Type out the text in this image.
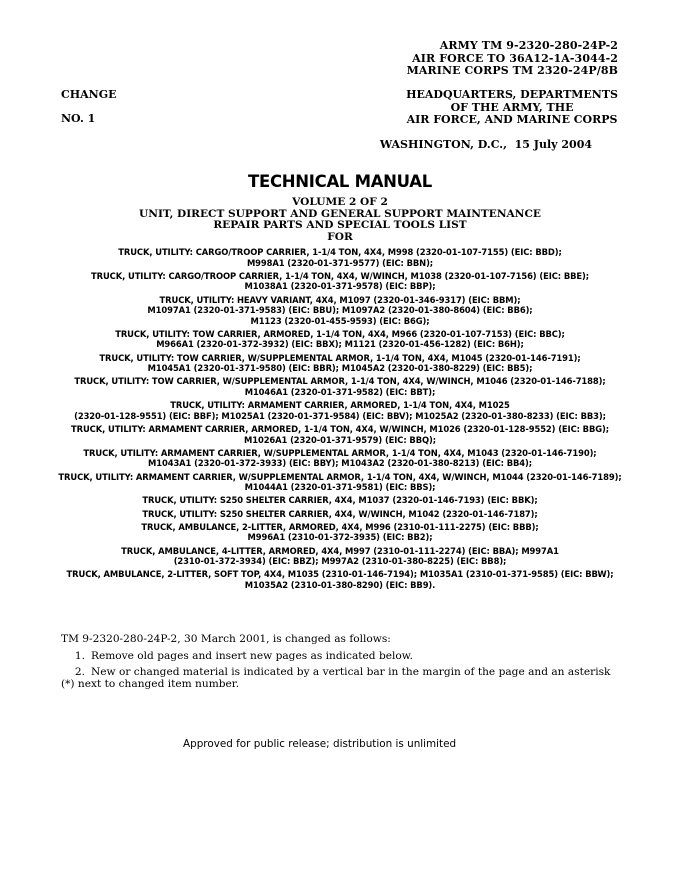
ARMY TM 9-2320-280-24P-2
AIR FORCE TO 36A12-1A-3044-2
MARINE CORPS TM 2320-24P/8B
CHANGE
NO. 1
HEADQUARTERS, DEPARTMENTS
OF THE ARMY, THE
AIR FORCE, AND MARINE CORPS
WASHINGTON, D.C., 15 July 2004
TECHNICAL MANUAL
VOLUME 2 OF 2
UNIT, DIRECT SUPPORT AND GENERAL SUPPORT MAINTENANCE
REPAIR PARTS AND SPECIAL TOOLS LIST
FOR
TRUCK, UTILITY: CARGO/TROOP CARRIER, 1-1/4 TON, 4X4, M998 (2320-01-107-7155) (EIC: BBD);
M998A1 (2320-01-371-9577) (EIC: BBN);
TRUCK, UTILITY: CARGO/TROOP CARRIER, 1-1/4 TON, 4X4, W/WINCH, M1038 (2320-01-107-7156) (EIC: BBE);
M1038A1 (2320-01-371-9578) (EIC: BBP);
TRUCK, UTILITY: HEAVY VARIANT, 4X4, M1097 (2320-01-346-9317) (EIC: BBM);
M1097A1 (2320-01-371-9583) (EIC: BBU); M1097A2 (2320-01-380-8604) (EIC: BB6);
M1123 (2320-01-455-9593) (EIC: B6G);
TRUCK, UTILITY: TOW CARRIER, ARMORED, 1-1/4 TON, 4X4, M966 (2320-01-107-7153) (EIC: BBC);
M966A1 (2320-01-372-3932) (EIC: BBX); M1121 (2320-01-456-1282) (EIC: B6H);
TRUCK, UTILITY: TOW CARRIER, W/SUPPLEMENTAL ARMOR, 1-1/4 TON, 4X4, M1045 (2320-01-146-7191);
M1045A1 (2320-01-371-9580) (EIC: BBR); M1045A2 (2320-01-380-8229) (EIC: BB5);
TRUCK, UTILITY: TOW CARRIER, W/SUPPLEMENTAL ARMOR, 1-1/4 TON, 4X4, W/WINCH, M1046 (2320-01-146-7188);
M1046A1 (2320-01-371-9582) (EIC: BBT);
TRUCK, UTILITY: ARMAMENT CARRIER, ARMORED, 1-1/4 TON, 4X4, M1025
(2320-01-128-9551) (EIC: BBF); M1025A1 (2320-01-371-9584) (EIC: BBV); M1025A2 (2320-01-380-8233) (EIC: BB3);
TRUCK, UTILITY: ARMAMENT CARRIER, ARMORED, 1-1/4 TON, 4X4, W/WINCH, M1026 (2320-01-128-9552) (EIC: BBG);
M1026A1 (2320-01-371-9579) (EIC: BBQ);
TRUCK, UTILITY: ARMAMENT CARRIER, W/SUPPLEMENTAL ARMOR, 1-1/4 TON, 4X4, M1043 (2320-01-146-7190);
M1043A1 (2320-01-372-3933) (EIC: BBY); M1043A2 (2320-01-380-8213) (EIC: BB4);
TRUCK, UTILITY: ARMAMENT CARRIER, W/SUPPLEMENTAL ARMOR, 1-1/4 TON, 4X4, W/WINCH, M1044 (2320-01-146-7189);
M1044A1 (2320-01-371-9581) (EIC: BBS);
TRUCK, UTILITY: S250 SHELTER CARRIER, 4X4, M1037 (2320-01-146-7193) (EIC: BBK);
TRUCK, UTILITY: S250 SHELTER CARRIER, 4X4, W/WINCH, M1042 (2320-01-146-7187);
TRUCK, AMBULANCE, 2-LITTER, ARMORED, 4X4, M996 (2310-01-111-2275) (EIC: BBB);
M996A1 (2310-01-372-3935) (EIC: BB2);
TRUCK, AMBULANCE, 4-LITTER, ARMORED, 4X4, M997 (2310-01-111-2274) (EIC: BBA); M997A1
(2310-01-372-3934) (EIC: BBZ); M997A2 (2310-01-380-8225) (EIC: BB8);
TRUCK, AMBULANCE, 2-LITTER, SOFT TOP, 4X4, M1035 (2310-01-146-7194); M1035A1 (2310-01-371-9585) (EIC: BBW);
M1035A2 (2310-01-380-8290) (EIC: BB9).
TM 9-2320-280-24P-2, 30 March 2001, is changed as follows:
1. Remove old pages and insert new pages as indicated below.
2. New or changed material is indicated by a vertical bar in the margin of the page and an asterisk (*) next to changed item number.
Approved for public release; distribution is unlimited
